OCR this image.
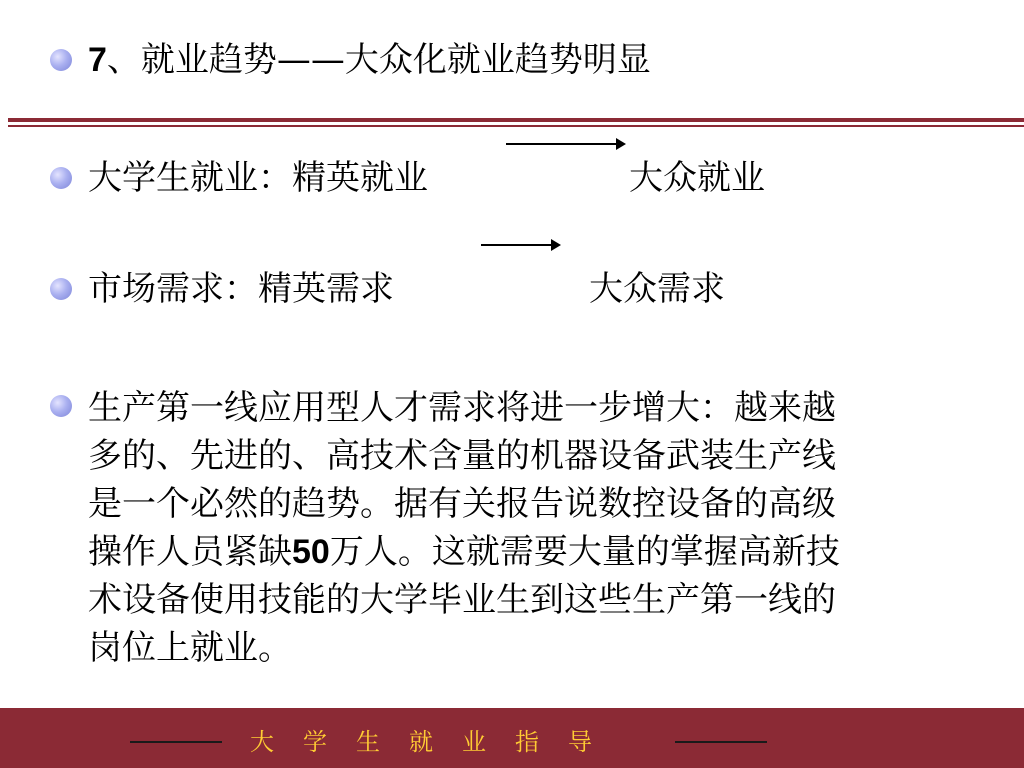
7、就业趋势——大众化就业趋势明显
大学生就业：精英就业	大众就业
市场需求：精英需求	大众需求
生产第一线应用型人才需求将进一步增大：越来越
多的、先进的、高技术含量的机器设备武装生产线
是一个必然的趋势。据有关报告说数控设备的高级
操作人员紧缺50万人。这就需要大量的掌握高新技
术设备使用技能的大学毕业生到这些生产第一线的
岗位上就业。
大学生就业指导
